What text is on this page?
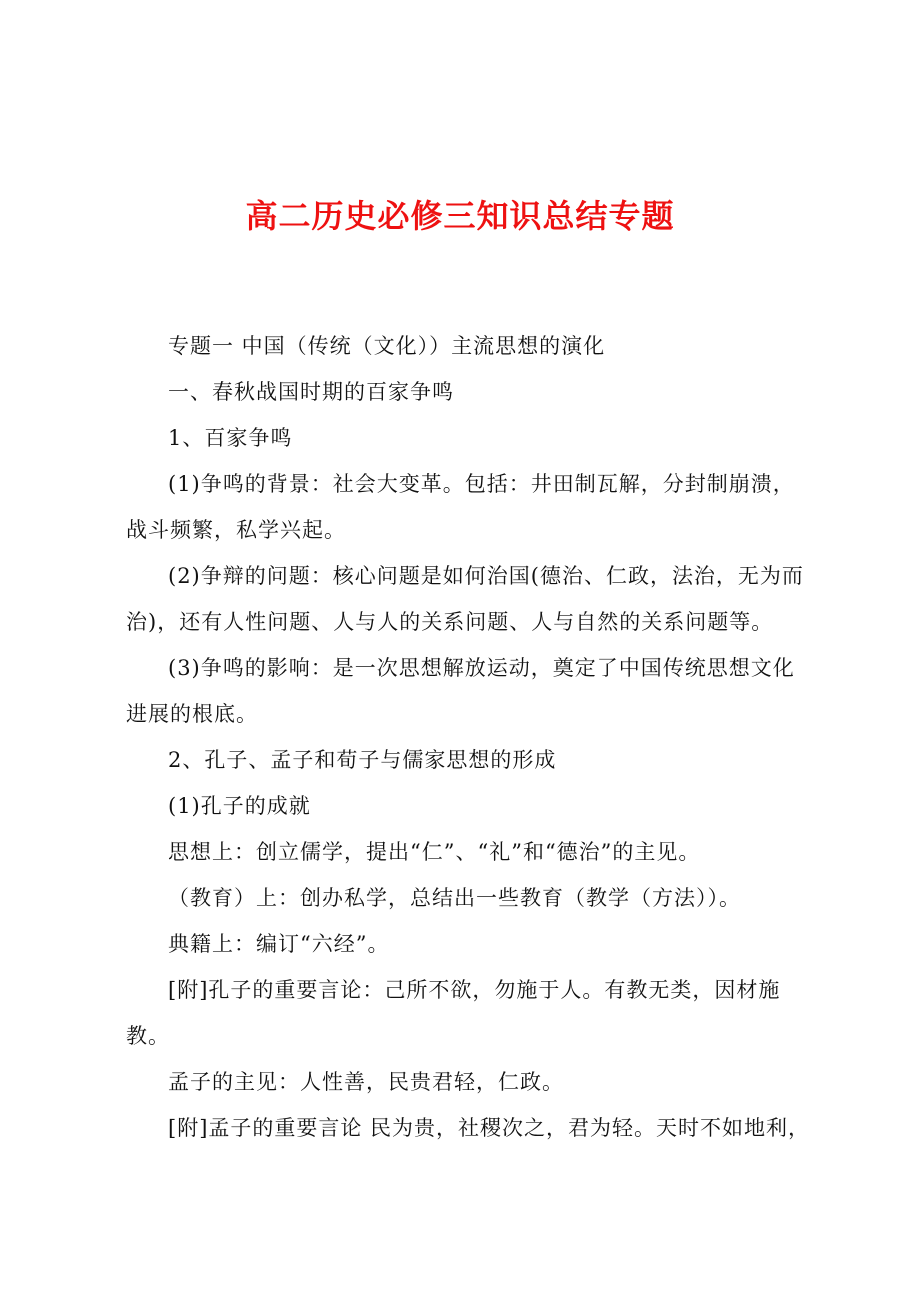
高二历史必修三知识总结专题

专题一 中国（传统（文化））主流思想的演化

一、春秋战国时期的百家争鸣

1、百家争鸣

(1)争鸣的背景：社会大变革。包括：井田制瓦解，分封制崩溃，战斗频繁，私学兴起。

(2)争辩的问题：核心问题是如何治国(德治、仁政，法治，无为而治)，还有人性问题、人与人的关系问题、人与自然的关系问题等。

(3)争鸣的影响：是一次思想解放运动，奠定了中国传统思想文化进展的根底。

2、孔子、孟子和荀子与儒家思想的形成

(1)孔子的成就

思想上：创立儒学，提出“仁”、“礼”和“德治”的主见。

（教育）上：创办私学，总结出一些教育（教学（方法））。

典籍上：编订“六经”。

[附]孔子的重要言论：己所不欲，勿施于人。有教无类，因材施教。

孟子的主见：人性善，民贵君轻，仁政。

[附]孟子的重要言论 民为贵，社稷次之，君为轻。天时不如地利，
